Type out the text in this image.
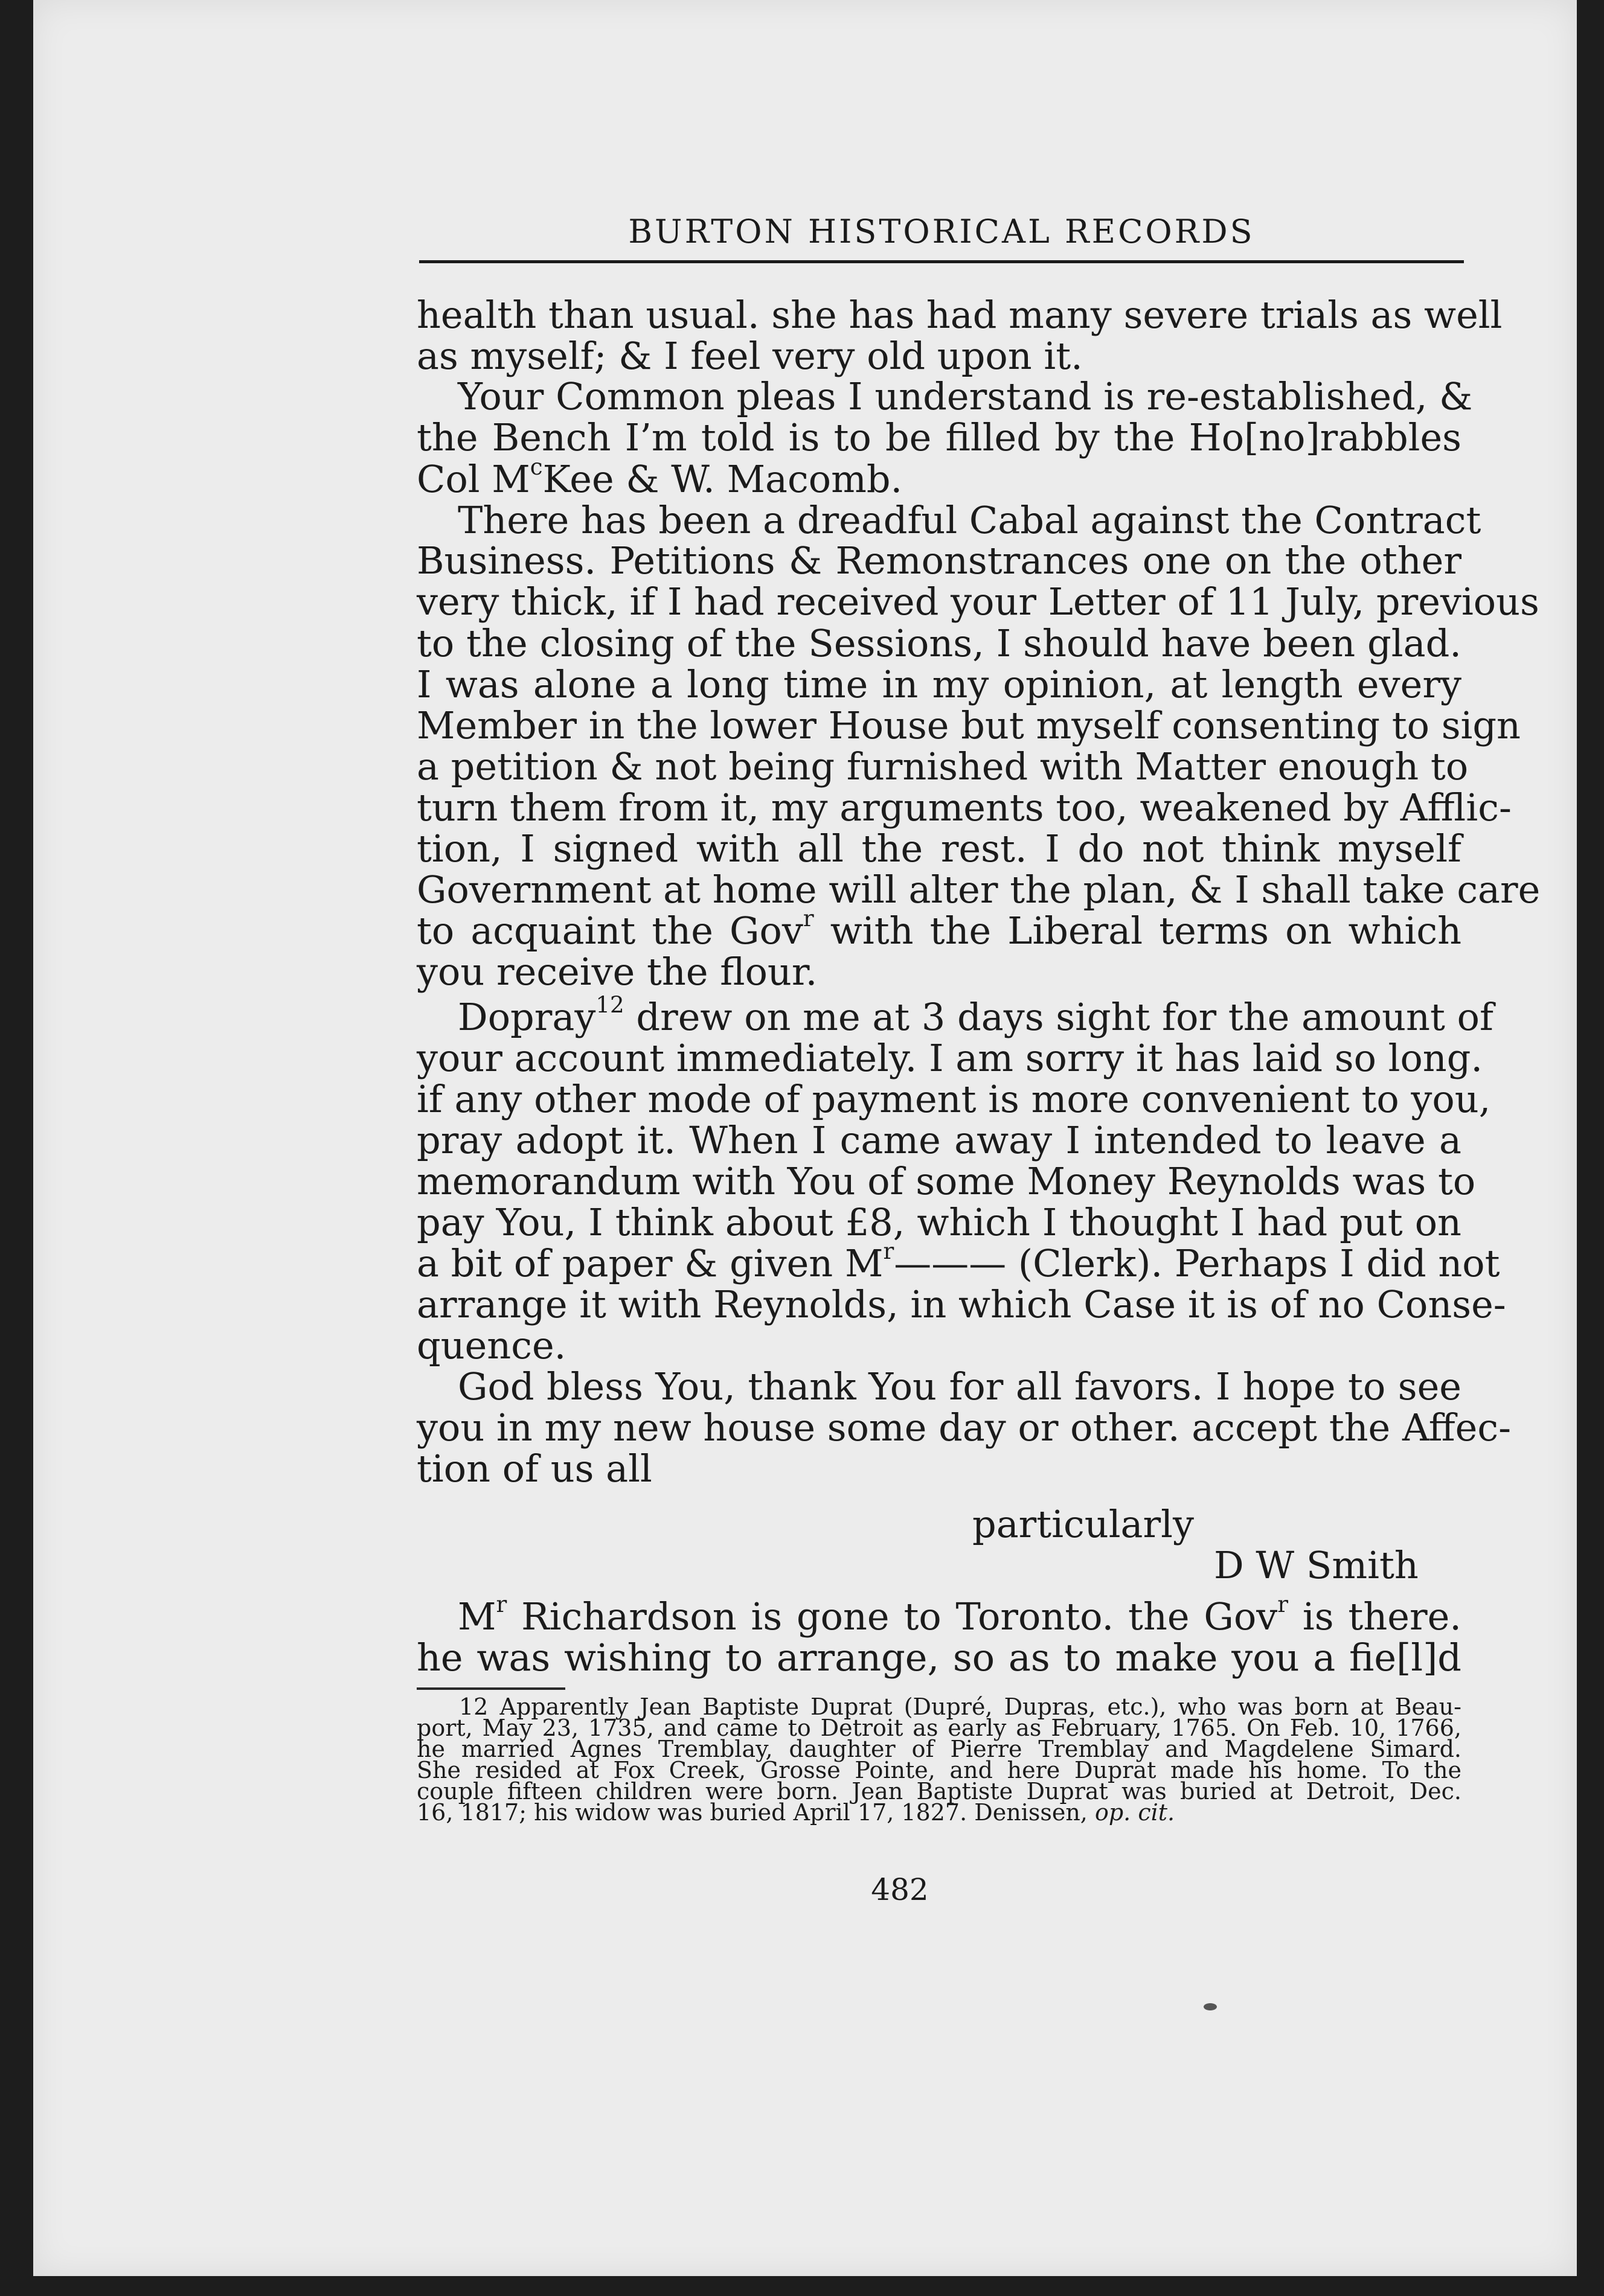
BURTON HISTORICAL RECORDS
health than usual. she has had many severe trials as well
as myself; & I feel very old upon it.
Your Common pleas I understand is re-established, &
the Bench I’m told is to be filled by the Ho[no]rabbles
Col $M^cKee$ & W. Macomb.
There has been a dreadful Cabal against the Contract
Business. Petitions & Remonstrances one on the other
very thick, if I had received your Letter of 11 July, previous
to the closing of the Sessions, I should have been glad.
I was alone a long time in my opinion, at length every
Member in the lower House but myself consenting to sign
a petition & not being furnished with Matter enough to
turn them from it, my arguments too, weakened by Afflic-
tion, I signed with all the rest. I do not think myself
Government at home will alter the plan, & I shall take care
to acquaint the Gov$^r$ with the Liberal terms on which
you receive the flour.
Dopray$^{12}$ drew on me at 3 days sight for the amount of
your account immediately. I am sorry it has laid so long.
if any other mode of payment is more convenient to you,
pray adopt it. When I came away I intended to leave a
memorandum with You of some Money Reynolds was to
pay You, I think about £8, which I thought I had put on
a bit of paper & given $M^r———$ (Clerk). Perhaps I did not
arrange it with Reynolds, in which Case it is of no Conse-
quence.
God bless You, thank You for all favors. I hope to see
you in my new house some day or other. accept the Affec-
tion of us all
particularly
D W Smith
$M^r$ Richardson is gone to Toronto. the Gov$^r$ is there.
he was wishing to arrange, so as to make you a fie[l]d
12 Apparently Jean Baptiste Duprat (Dupré, Dupras, etc.), who was born at Beau-
port, May 23, 1735, and came to Detroit as early as February, 1765. On Feb. 10, 1766,
he married Agnes Tremblay, daughter of Pierre Tremblay and Magdelene Simard.
She resided at Fox Creek, Grosse Pointe, and here Duprat made his home. To the
couple fifteen children were born. Jean Baptiste Duprat was buried at Detroit, Dec.
16, 1817; his widow was buried April 17, 1827. Denissen, op. cit.
482
